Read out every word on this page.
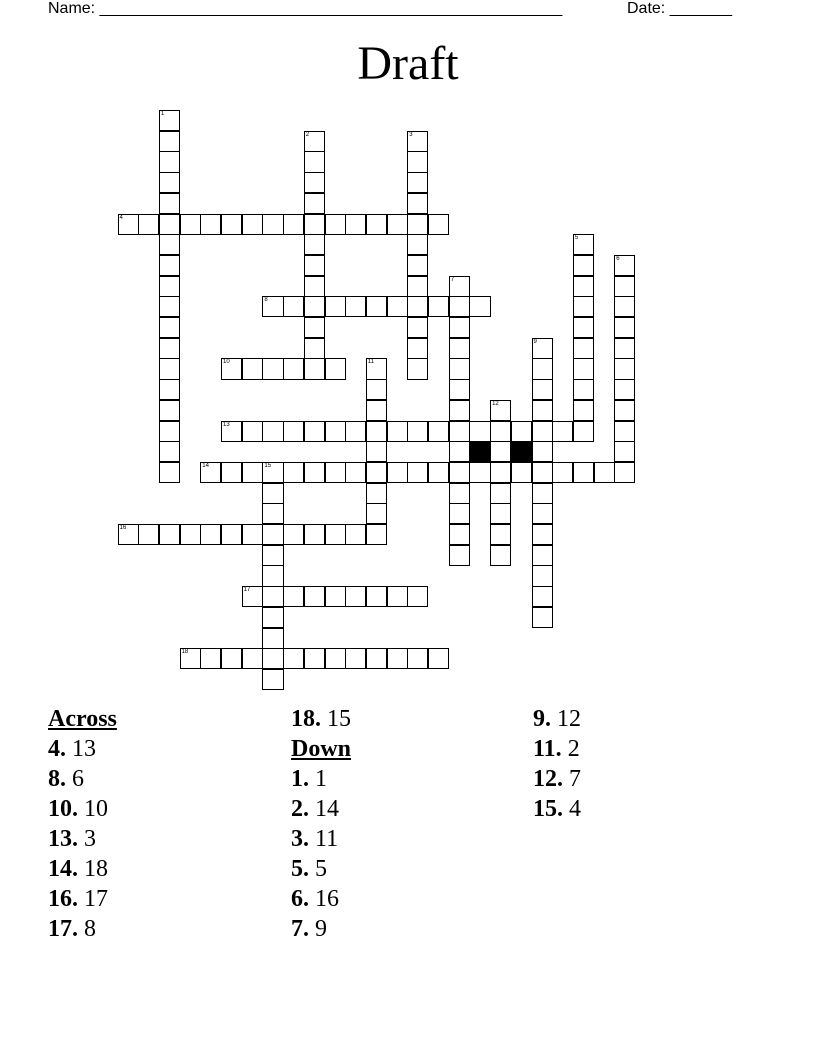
Name: ____________________________________________________	Date: _______
Draft
1
2	3
4
5
6
7
8
9
10	11
12
13
14	15
16
17
18
Across
4. 13
8. 6
10. 10
13. 3
14. 18
16. 17
17. 8
18. 15
Down
1. 1
2. 14
3. 11
5. 5
6. 16
7. 9
9. 12
11. 2
12. 7
15. 4
